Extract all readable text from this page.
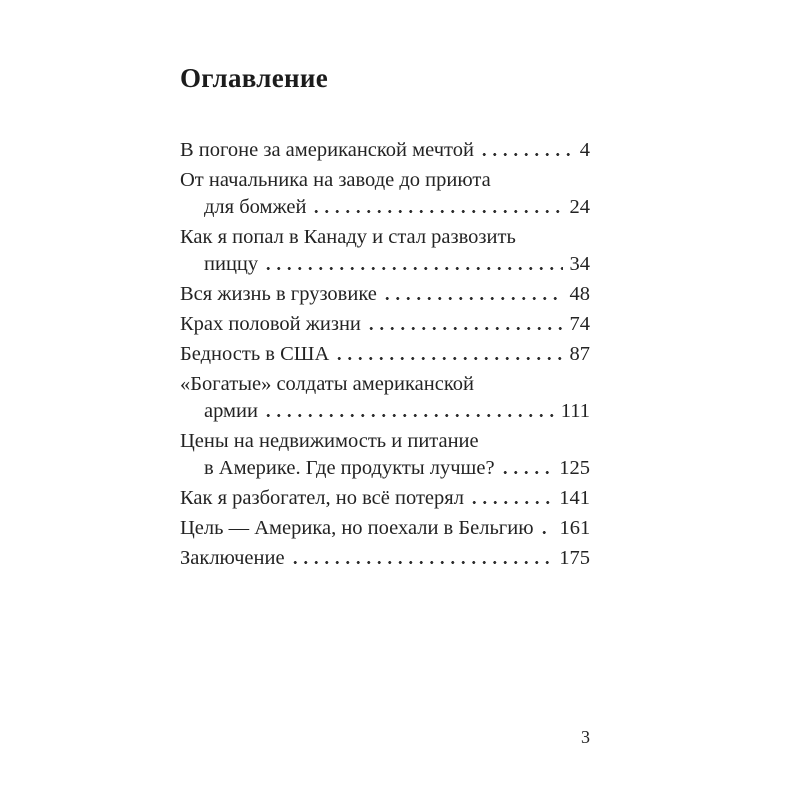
Оглавление
В погоне за американской мечтой	4
От начальника на заводе до приюта
для бомжей	24
Как я попал в Канаду и стал развозить
пиццу	34
Вся жизнь в грузовике	48
Крах половой жизни	74
Бедность в США	87
«Богатые» солдаты американской
армии	111
Цены на недвижимость и питание
в Америке. Где продукты лучше?	125
Как я разбогател, но всё потерял	141
Цель — Америка, но поехали в Бельгию 161
Заключение	175
3
